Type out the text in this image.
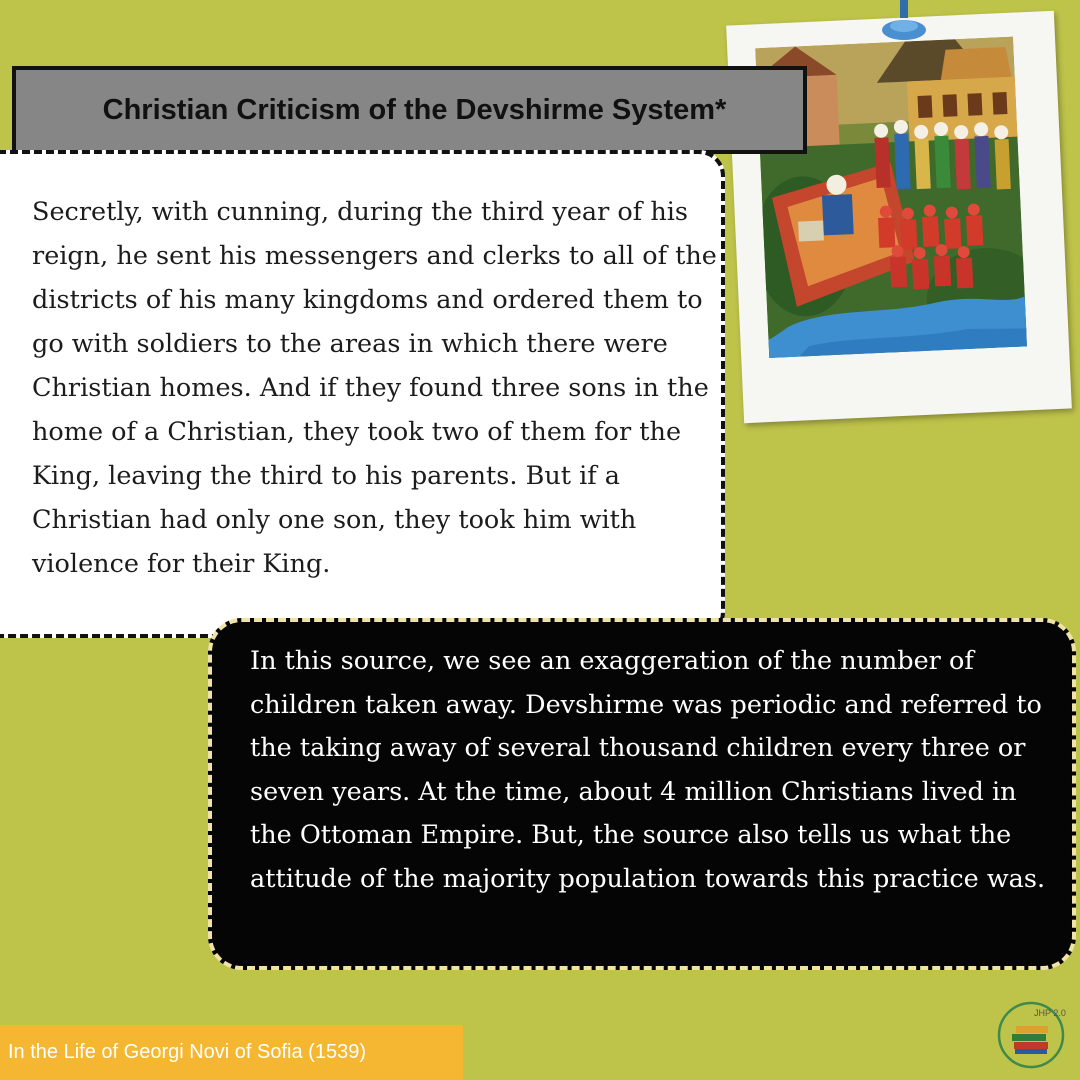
Christian Criticism of the Devshirme System*

Secretly, with cunning, during the third year of his reign, he sent his messengers and clerks to all of the districts of his many kingdoms and ordered them to go with soldiers to the areas in which there were Christian homes. And if they found three sons in the home of a Christian, they took two of them for the King, leaving the third to his parents. But if a Christian had only one son, they took him with violence for their King.

In this source, we see an exaggeration of the number of children taken away. Devshirme was periodic and referred to the taking away of several thousand children every three or seven years. At the time, about 4 million Christians lived in the Ottoman Empire. But, the source also tells us what the attitude of the majority population towards this practice was.

In the Life of Georgi Novi of Sofia (1539)
JHP 2.0
